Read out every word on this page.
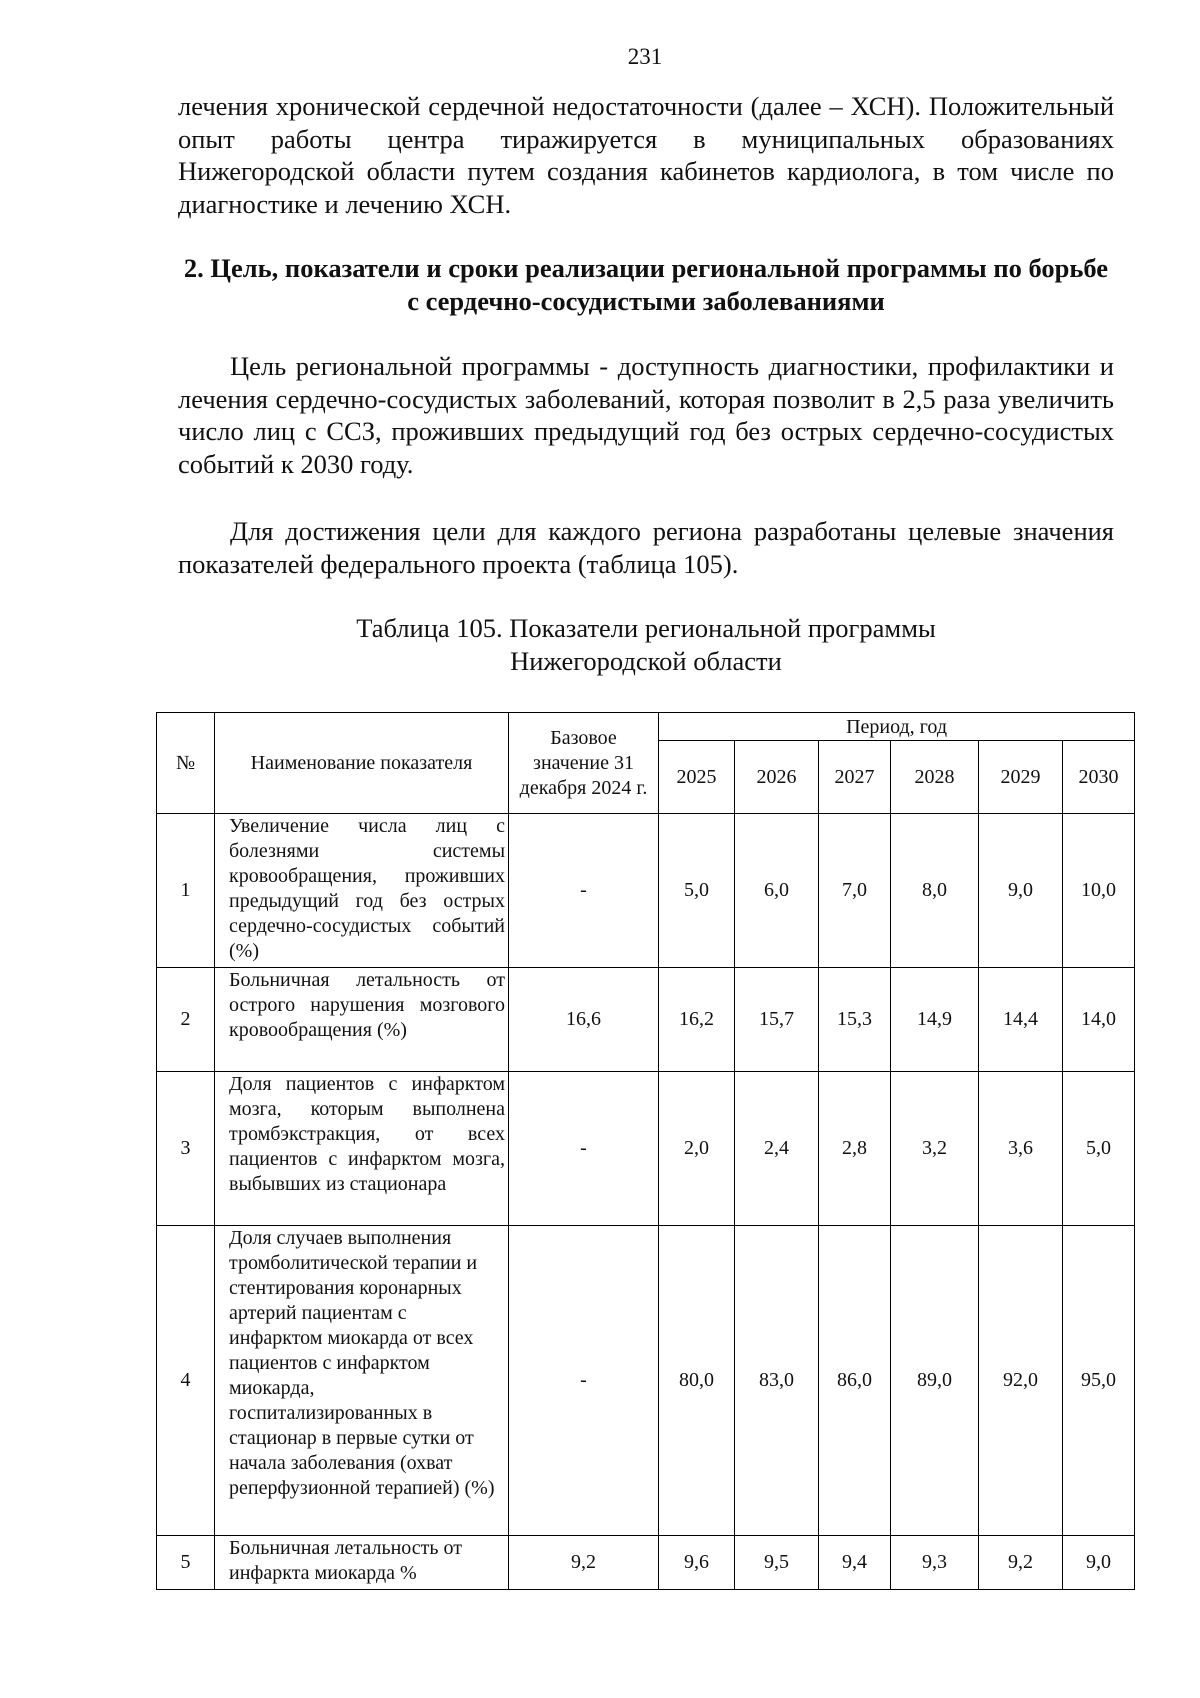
231

лечения хронической сердечной недостаточности (далее – ХСН). Положительный опыт работы центра тиражируется в муниципальных образованиях Нижегородской области путем создания кабинетов кардиолога, в том числе по диагностике и лечению ХСН.

2. Цель, показатели и сроки реализации региональной программы по борьбе с сердечно-сосудистыми заболеваниями

Цель региональной программы - доступность диагностики, профилактики и лечения сердечно-сосудистых заболеваний, которая позволит в 2,5 раза увеличить число лиц с ССЗ, проживших предыдущий год без острых сердечно-сосудистых событий к 2030 году.

Для достижения цели для каждого региона разработаны целевые значения показателей федерального проекта (таблица 105).

Таблица 105. Показатели региональной программы
Нижегородской области
№	Наименование показателя	Базовое значение 31 декабря 2024 г.	Период, год					
			2025	2026	2027	2028	2029	2030
1	Увеличение числа лиц с болезнями системы кровообращения, проживших предыдущий год без острых сердечно-сосудистых событий (%)	-	5,0	6,0	7,0	8,0	9,0	10,0
2	Больничная летальность от острого нарушения мозгового кровообращения (%)	16,6	16,2	15,7	15,3	14,9	14,4	14,0
3	Доля пациентов с инфарктом мозга, которым выполнена тромбэкстракция, от всех пациентов с инфарктом мозга, выбывших из стационара	-	2,0	2,4	2,8	3,2	3,6	5,0
4	Доля случаев выполнения тромболитической терапии и стентирования коронарных артерий пациентам с инфарктом миокарда от всех пациентов с инфарктом миокарда, госпитализированных в стационар в первые сутки от начала заболевания (охват реперфузионной терапией) (%)	-	80,0	83,0	86,0	89,0	92,0	95,0
5	Больничная летальность от инфаркта миокарда %	9,2	9,6	9,5	9,4	9,3	9,2	9,0
